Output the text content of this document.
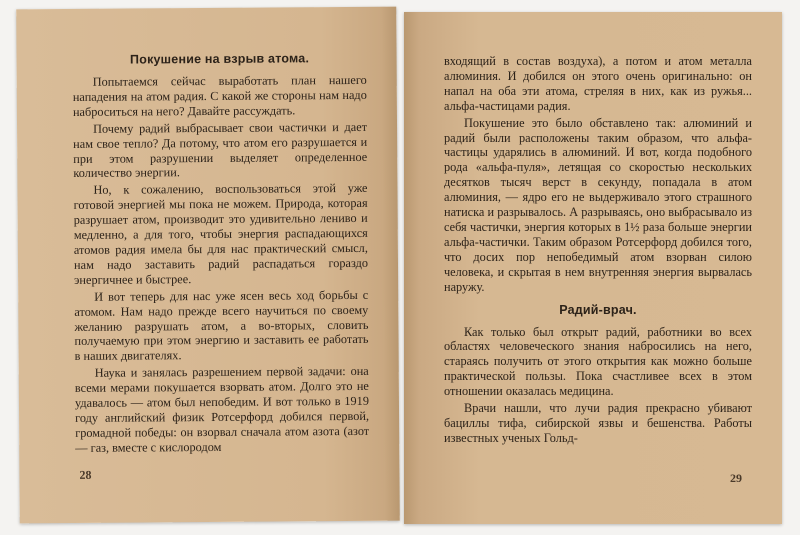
Покушение на взрыв атома.

Попытаемся сейчас выработать план нашего нападения на атом радия. С какой же стороны нам надо наброситься на него? Давайте рассуждать.

Почему радий выбрасывает свои частички и дает нам свое тепло? Да потому, что атом его разрушается и при этом разрушении выделяет определенное количество энергии.

Но, к сожалению, воспользоваться этой уже готовой энергией мы пока не можем. Природа, которая разрушает атом, производит это удивительно лениво и медленно, а для того, чтобы энергия распадающихся атомов радия имела бы для нас практический смысл, нам надо заставить радий распадаться гораздо энергичнее и быстрее.

И вот теперь для нас уже ясен весь ход борьбы с атомом. Нам надо прежде всего научиться по своему желанию разрушать атом, а во-вторых, словить получаемую при этом энергию и заставить ее работать в наших двигателях.

Наука и занялась разрешением первой задачи: она всеми мерами покушается взорвать атом. Долго это не удавалось — атом был непобедим. И вот только в 1919 году английский физик Ротсерфорд добился первой, громадной победы: он взорвал сначала атом азота (азот — газ, вместе с кислородом

28

входящий в состав воздуха), а потом и атом металла алюминия. И добился он этого очень оригинально: он напал на оба эти атома, стреляя в них, как из ружья... альфа-частицами радия.

Покушение это было обставлено так: алюминий и радий были расположены таким образом, что альфа-частицы ударялись в алюминий. И вот, когда подобного рода «альфа-пуля», летящая со скоростью нескольких десятков тысяч верст в секунду, попадала в атом алюминия, — ядро его не выдерживало этого страшного натиска и разрывалось. А разрываясь, оно выбрасывало из себя частички, энергия которых в 1½ раза больше энергии альфа-частички. Таким образом Ротсерфорд добился того, что досих пор непобедимый атом взорван силою человека, и скрытая в нем внутренняя энергия вырвалась наружу.

Радий-врач.

Как только был открыт радий, работники во всех областях человеческого знания набросились на него, стараясь получить от этого открытия как можно больше практической пользы. Пока счастливее всех в этом отношении оказалась медицина.

Врачи нашли, что лучи радия прекрасно убивают бациллы тифа, сибирской язвы и бешенства. Работы известных ученых Гольд-

29
